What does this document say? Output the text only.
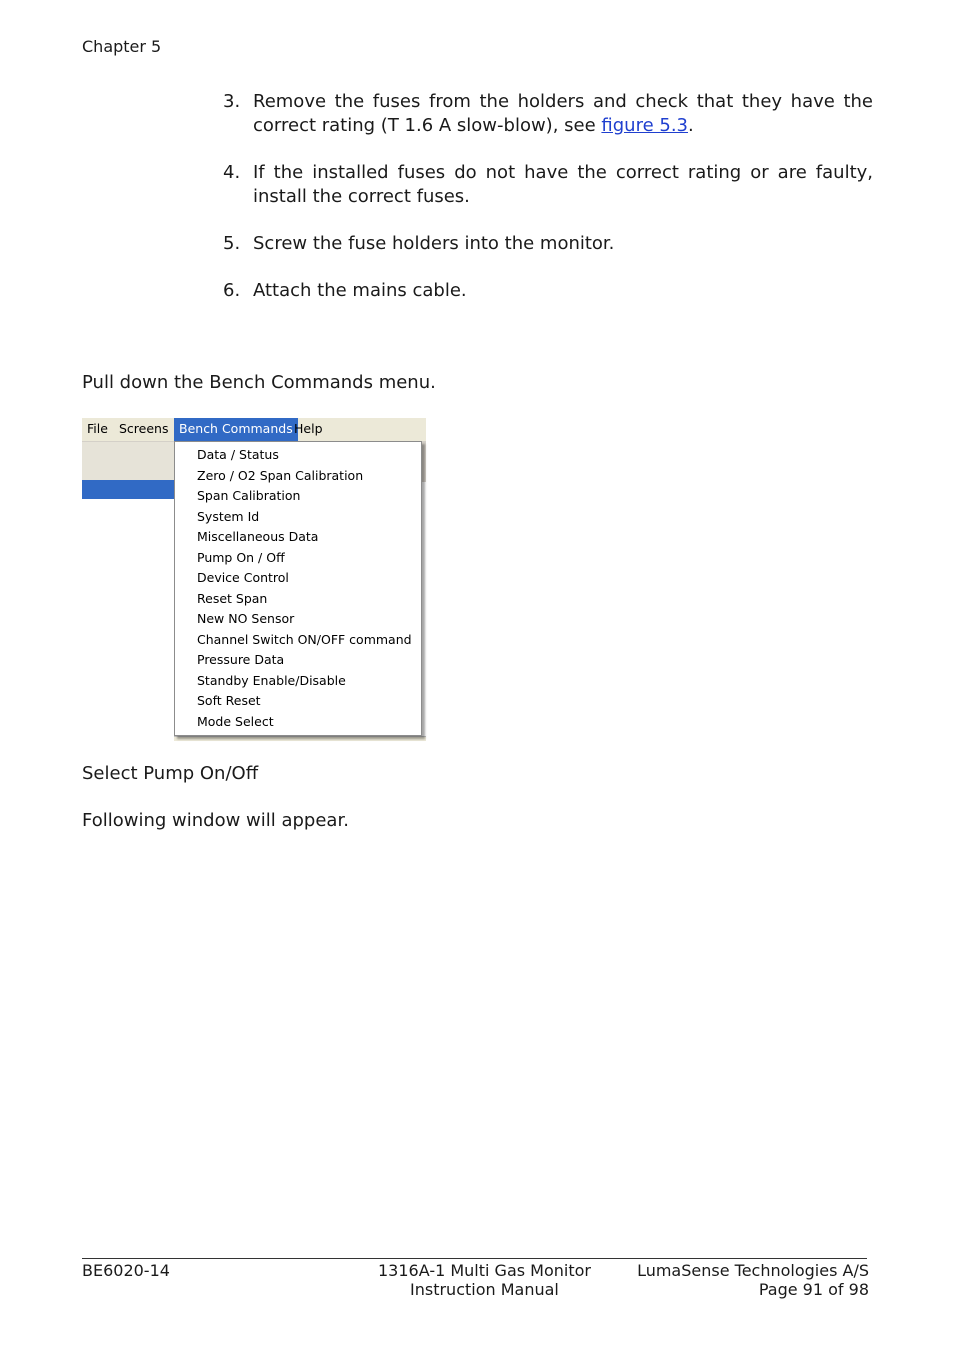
Chapter 5
3. Remove the fuses from the holders and check that they have the correct rating (T 1.6 A slow-blow), see figure 5.3.
4. If the installed fuses do not have the correct rating or are faulty, install the correct fuses.
5. Screw the fuse holders into the monitor.
6. Attach the mains cable.
Pull down the Bench Commands menu.
File Screens Bench Commands Help
Data / Status
Zero / O2 Span Calibration
Span Calibration
System Id
Miscellaneous Data
Pump On / Off
Device Control
Reset Span
New NO Sensor
Channel Switch ON/OFF command
Pressure Data
Standby Enable/Disable
Soft Reset
Mode Select
Select Pump On/Off
Following window will appear.
BE6020-14	1316A-1 Multi Gas Monitor
Instruction Manual
LumaSense Technologies A/S
Page 91 of 98
